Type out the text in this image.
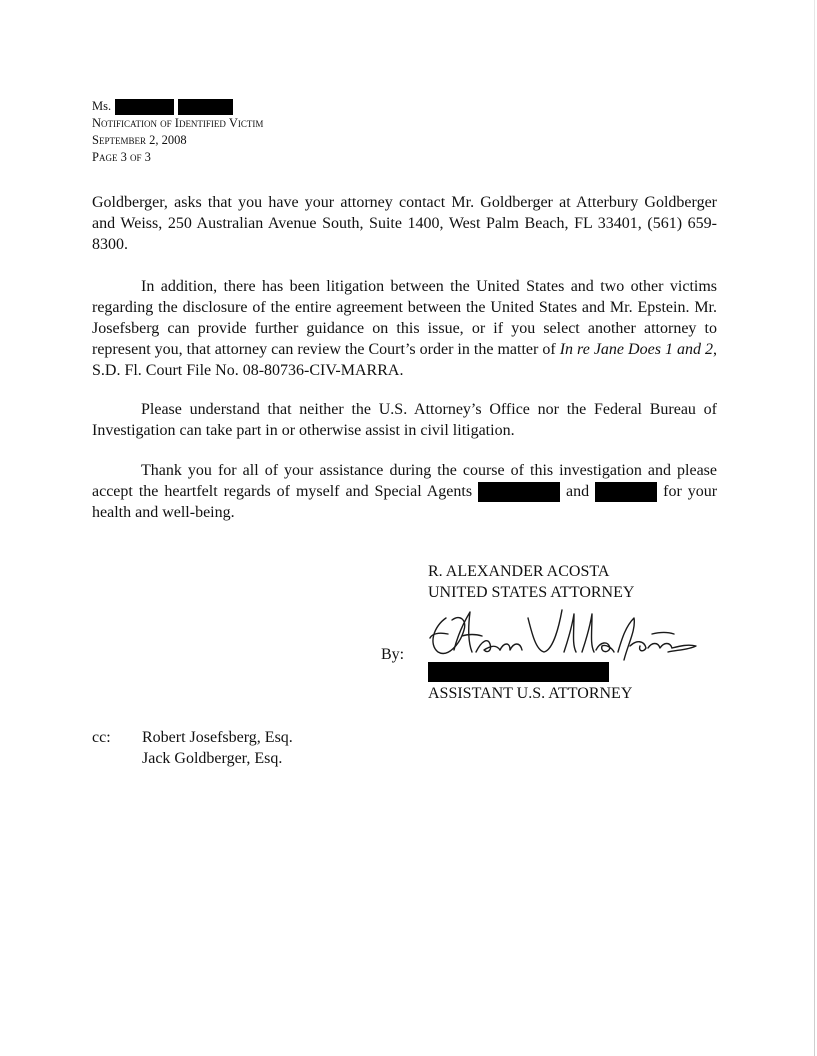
Ms.
Notification of Identified Victim
September 2, 2008
Page 3 of 3

Goldberger, asks that you have your attorney contact Mr. Goldberger at Atterbury Goldberger and Weiss, 250 Australian Avenue South, Suite 1400, West Palm Beach, FL 33401, (561) 659-8300.

In addition, there has been litigation between the United States and two other victims regarding the disclosure of the entire agreement between the United States and Mr. Epstein. Mr. Josefsberg can provide further guidance on this issue, or if you select another attorney to represent you, that attorney can review the Court’s order in the matter of In re Jane Does 1 and 2, S.D. Fl. Court File No. 08-80736-CIV-MARRA.

Please understand that neither the U.S. Attorney’s Office nor the Federal Bureau of Investigation can take part in or otherwise assist in civil litigation.

Thank you for all of your assistance during the course of this investigation and please accept the heartfelt regards of myself and Special Agents	and	for your health and well-being.

R. ALEXANDER ACOSTA
UNITED STATES ATTORNEY
By:
ASSISTANT U.S. ATTORNEY
cc: Robert Josefsberg, Esq.
Jack Goldberger, Esq.
